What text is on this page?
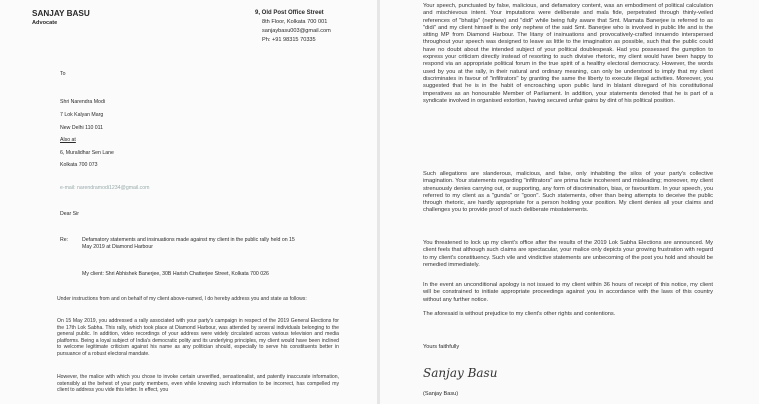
SANJAY BASU
Advocate
9, Old Post Office Street
8th Floor, Kolkata 700 001
sanjaybasu003@gmail.com
Ph: +91 98315 70335
To
Shri Narendra Modi
7 Lok Kalyan Marg
New Delhi 110 011
Also at
6, Muralidhar Sen Lane
Kolkata 700 073
e-mail: narendramodi1234@gmail.com
Dear Sir
Re:	Defamatory statements and insinuations made against my client in the public rally held on 15
May 2019 at Diamond Harbour
My client: Shri Abhishek Banerjee, 30B Harish Chatterjee Street, Kolkata 700 026
Under instructions from and on behalf of my client above-named, I do hereby address you and state as follows:
On 15 May 2019, you addressed a rally associated with your party's campaign in respect of the 2019 General Elections for the 17th Lok Sabha. This rally, which took place at Diamond Harbour, was attended by several individuals belonging to the general public. In addition, video recordings of your address were widely circulated across various television and media platforms. Being a loyal subject of India's democratic polity and its underlying principles, my client would have been inclined to welcome legitimate criticism against his name as any politician should, especially to serve his constituents better in pursuance of a robust electoral mandate.
However, the malice with which you chose to invoke certain unverified, sensationalist, and patently inaccurate information, ostensibly at the behest of your party members, even while knowing such information to be incorrect, has compelled my client to address you vide this letter. In effect, you
Your speech, punctuated by false, malicious, and defamatory content, was an embodiment of political calculation and mischievous intent. Your imputations were deliberate and mala fide, perpetrated through thinly-veiled references of "bhatija" (nephew) and "didi" while being fully aware that Smt. Mamata Banerjee is referred to as "didi" and my client himself is the only nephew of the said Smt. Banerjee who is involved in public life and is the sitting MP from Diamond Harbour. The litany of insinuations and provocatively-crafted innuendo interspersed throughout your speech was designed to leave as little to the imagination as possible, such that the public could have no doubt about the intended subject of your political doublespeak. Had you possessed the gumption to express your criticism directly instead of resorting to such divisive rhetoric, my client would have been happy to respond via an appropriate political forum in the true spirit of a healthy electoral democracy. However, the words used by you at the rally, in their natural and ordinary meaning, can only be understood to imply that my client discriminates in favour of "infiltrators" by granting the same the liberty to execute illegal activities. Moreover, you suggested that he is in the habit of encroaching upon public land in blatant disregard of his constitutional imperatives as an honourable Member of Parliament. In addition, your statements denoted that he is part of a syndicate involved in organised extortion, having secured unfair gains by dint of his political position.
Such allegations are slanderous, malicious, and false, only inhabiting the silos of your party's collective imagination. Your statements regarding "infiltrators" are prima facie incoherent and misleading; moreover, my client strenuously denies carrying out, or supporting, any form of discrimination, bias, or favouritism. In your speech, you referred to my client as a "gunda" or "goon". Such statements, other than being attempts to deceive the public through rhetoric, are hardly appropriate for a person holding your position. My client denies all your claims and challenges you to provide proof of such deliberate misstatements.
You threatened to lock up my client's office after the results of the 2019 Lok Sabha Elections are announced. My client feels that although such claims are spectacular, your malice only depicts your growing frustration with regard to my client's constituency. Such vile and vindictive statements are unbecoming of the post you hold and should be remedied immediately.
In the event an unconditional apology is not issued to my client within 36 hours of receipt of this notice, my client will be constrained to initiate appropriate proceedings against you in accordance with the laws of this country without any further notice.
The aforesaid is without prejudice to my client's other rights and contentions.
Yours faithfully
Sanjay Basu
(Sanjay Basu)
